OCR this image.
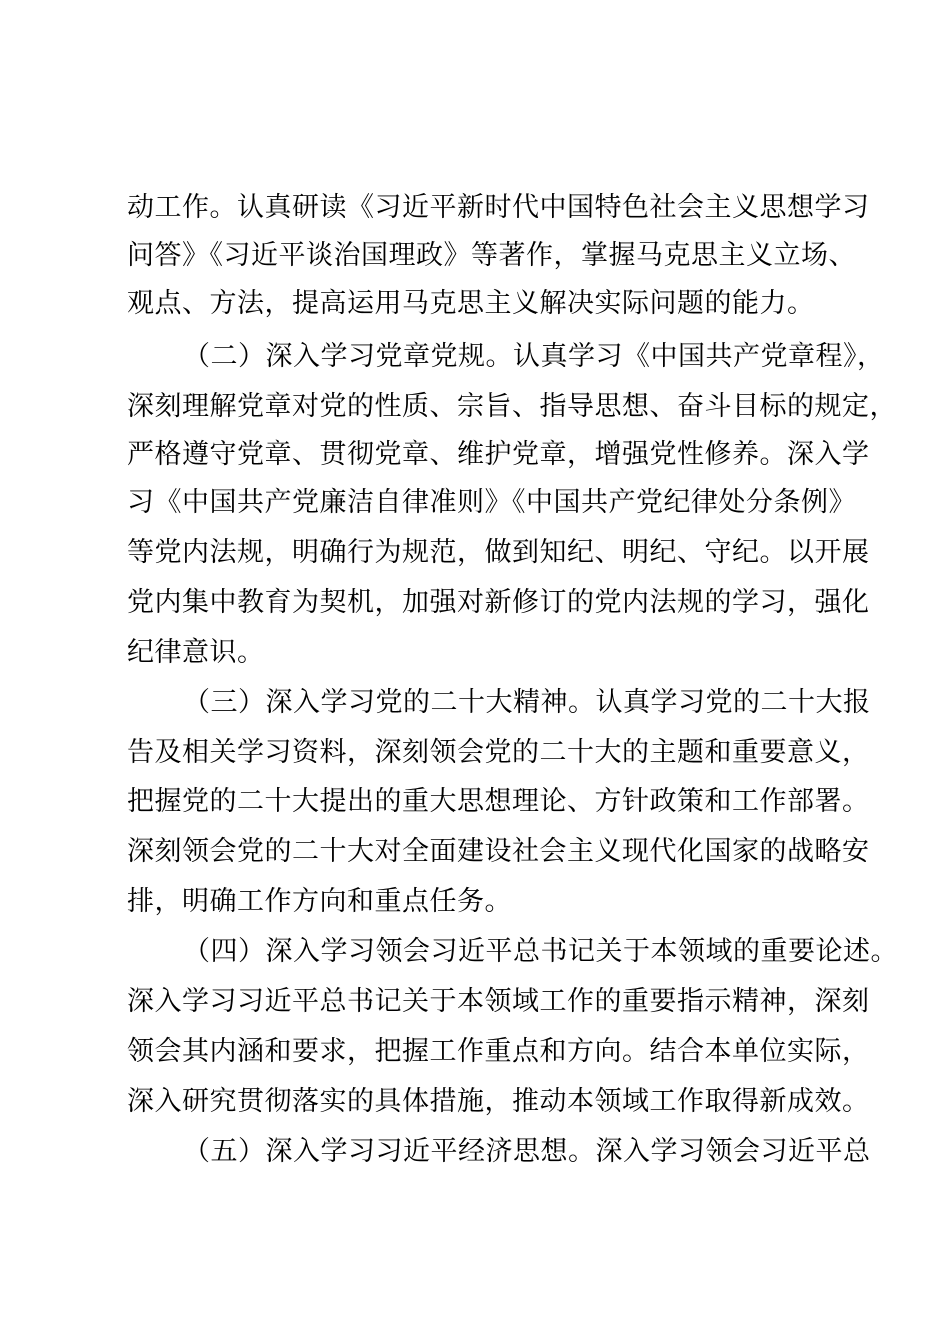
动工作。认真研读《习近平新时代中国特色社会主义思想学习
问答》《习近平谈治国理政》等著作，掌握马克思主义立场、
观点、方法，提高运用马克思主义解决实际问题的能力。
（二）深入学习党章党规。认真学习《中国共产党章程》，
深刻理解党章对党的性质、宗旨、指导思想、奋斗目标的规定，
严格遵守党章、贯彻党章、维护党章，增强党性修养。深入学
习《中国共产党廉洁自律准则》《中国共产党纪律处分条例》
等党内法规，明确行为规范，做到知纪、明纪、守纪。以开展
党内集中教育为契机，加强对新修订的党内法规的学习，强化
纪律意识。
（三）深入学习党的二十大精神。认真学习党的二十大报
告及相关学习资料，深刻领会党的二十大的主题和重要意义，
把握党的二十大提出的重大思想理论、方针政策和工作部署。
深刻领会党的二十大对全面建设社会主义现代化国家的战略安
排，明确工作方向和重点任务。
（四）深入学习领会习近平总书记关于本领域的重要论述。
深入学习习近平总书记关于本领域工作的重要指示精神，深刻
领会其内涵和要求，把握工作重点和方向。结合本单位实际，
深入研究贯彻落实的具体措施，推动本领域工作取得新成效。
（五）深入学习习近平经济思想。深入学习领会习近平总
